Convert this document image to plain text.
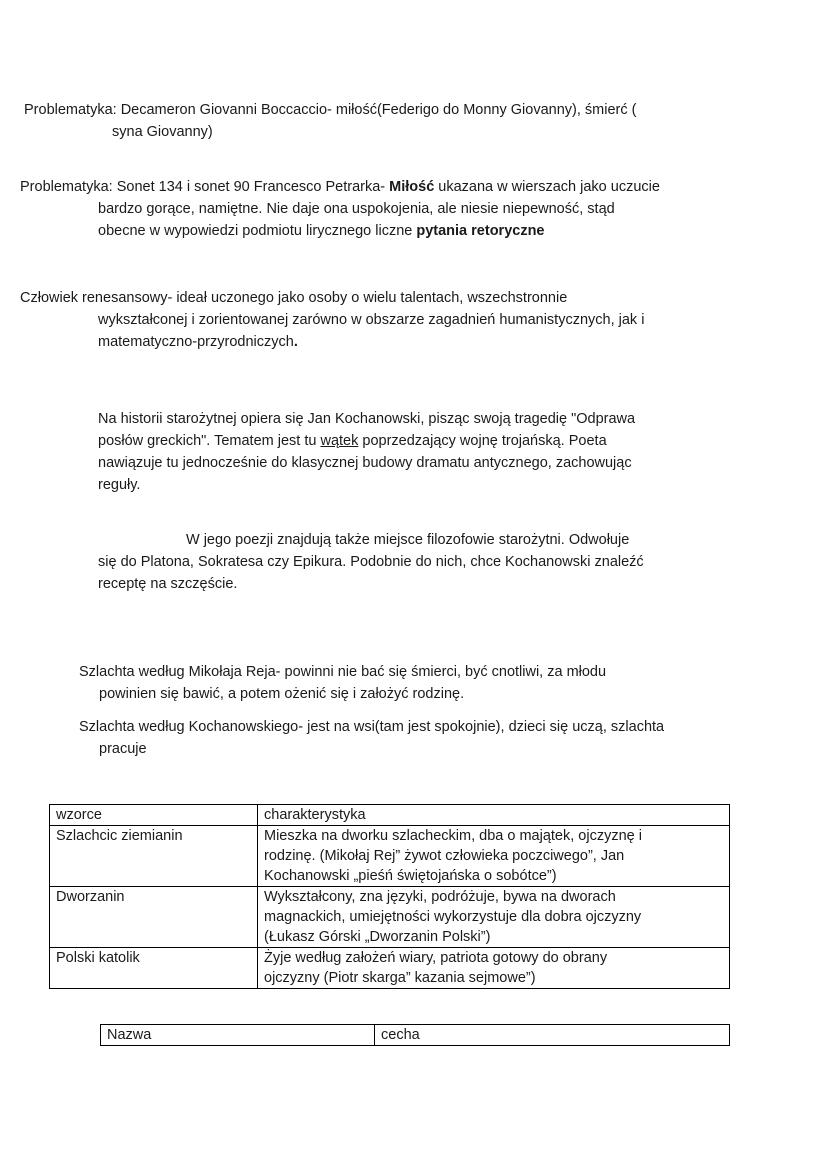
Problematyka: Decameron Giovanni Boccaccio- miłość(Federigo do Monny Giovanny), śmierć (
syna Giovanny)
Problematyka: Sonet 134 i sonet 90 Francesco Petrarka- Miłość ukazana w wierszach jako uczucie
bardzo gorące, namiętne. Nie daje ona uspokojenia, ale niesie niepewność, stąd
obecne w wypowiedzi podmiotu lirycznego liczne pytania retoryczne
Człowiek renesansowy- ideał uczonego jako osoby o wielu talentach, wszechstronnie
wykształconej i zorientowanej zarówno w obszarze zagadnień humanistycznych, jak i
matematyczno-przyrodniczych.
Na historii starożytnej opiera się Jan Kochanowski, pisząc swoją tragedię "Odprawa
posłów greckich". Tematem jest tu wątek poprzedzający wojnę trojańską. Poeta
nawiązuje tu jednocześnie do klasycznej budowy dramatu antycznego, zachowując
reguły.
W jego poezji znajdują także miejsce filozofowie starożytni. Odwołuje
się do Platona, Sokratesa czy Epikura. Podobnie do nich, chce Kochanowski znaleźć
receptę na szczęście.
Szlachta według Mikołaja Reja- powinni nie bać się śmierci, być cnotliwi, za młodu
powinien się bawić, a potem ożenić się i założyć rodzinę.
Szlachta według Kochanowskiego- jest na wsi(tam jest spokojnie), dzieci się uczą, szlachta
pracuje
wzorce	charakterystyka
Szlachcic ziemianin	Mieszka na dworku szlacheckim, dba o majątek, ojczyznę i
rodzinę. (Mikołaj Rej” żywot człowieka poczciwego”, Jan
Kochanowski „pieśń świętojańska o sobótce”)

Dworzanin	Wykształcony, zna języki, podróżuje, bywa na dworach
magnackich, umiejętności wykorzystuje dla dobra ojczyzny
(Łukasz Górski „Dworzanin Polski”)

Polski katolik	Żyje według założeń wiary, patriota gotowy do obrany
ojczyzny (Piotr skarga” kazania sejmowe”)
Nazwa	cecha
